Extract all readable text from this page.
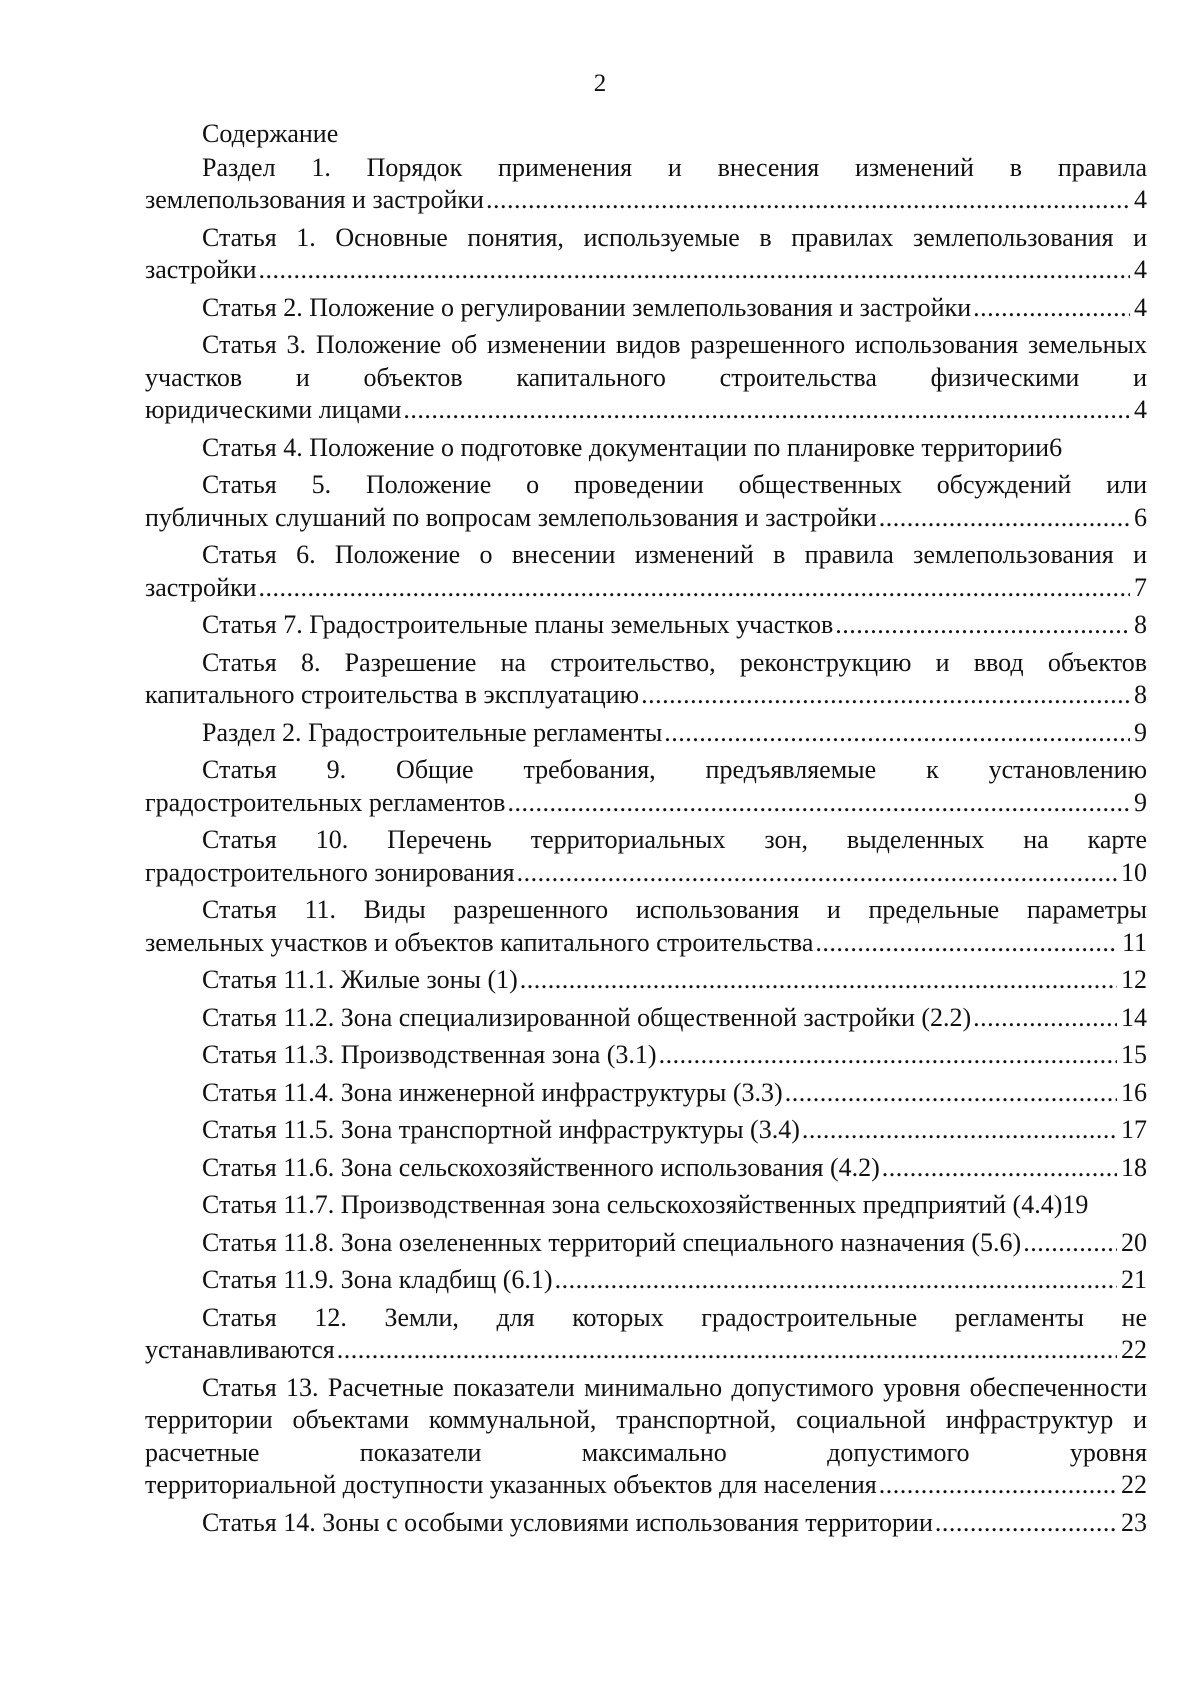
2

Содержание

Раздел 1. Порядок применения и внесения изменений в правила

землепользования и застройки .....	4

Статья 1. Основные понятия, используемые в правилах землепользования и

застройки .....	4
Статья 2. Положение о регулировании землепользования и застройки .....	4

Статья 3. Положение об изменении видов разрешенного использования земельных участков и объектов капитального строительства физическими и

юридическими лицами .....	4
Статья 4. Положение о подготовке документации по планировке территории 6

Статья 5. Положение о проведении общественных обсуждений или

публичных слушаний по вопросам землепользования и застройки .....	6

Статья 6. Положение о внесении изменений в правила землепользования и

застройки .....	7
Статья 7. Градостроительные планы земельных участков .....	8

Статья 8. Разрешение на строительство, реконструкцию и ввод объектов

капитального строительства в эксплуатацию .....	8
Раздел 2. Градостроительные регламенты .....	9

Статья 9. Общие требования, предъявляемые к установлению

градостроительных регламентов .....	9

Статья 10. Перечень территориальных зон, выделенных на карте

градостроительного зонирования .....	10

Статья 11. Виды разрешенного использования и предельные параметры

земельных участков и объектов капитального строительства .....	11
Статья 11.1. Жилые зоны (1) .....	12
Статья 11.2. Зона специализированной общественной застройки (2.2) .....	14
Статья 11.3. Производственная зона (3.1) .....	15
Статья 11.4. Зона инженерной инфраструктуры (3.3) .....	16
Статья 11.5. Зона транспортной инфраструктуры (3.4) .....	17
Статья 11.6. Зона сельскохозяйственного использования (4.2) .....	18
Статья 11.7. Производственная зона сельскохозяйственных предприятий (4.4) 19
Статья 11.8. Зона озелененных территорий специального назначения (5.6) .....	20
Статья 11.9. Зона кладбищ (6.1) .....	21

Статья 12. Земли, для которых градостроительные регламенты не

устанавливаются .....	22

Статья 13. Расчетные показатели минимально допустимого уровня обеспеченности территории объектами коммунальной, транспортной, социальной инфраструктур и расчетные показатели максимально допустимого уровня

территориальной доступности указанных объектов для населения .....	22
Статья 14. Зоны с особыми условиями использования территории .....	23
